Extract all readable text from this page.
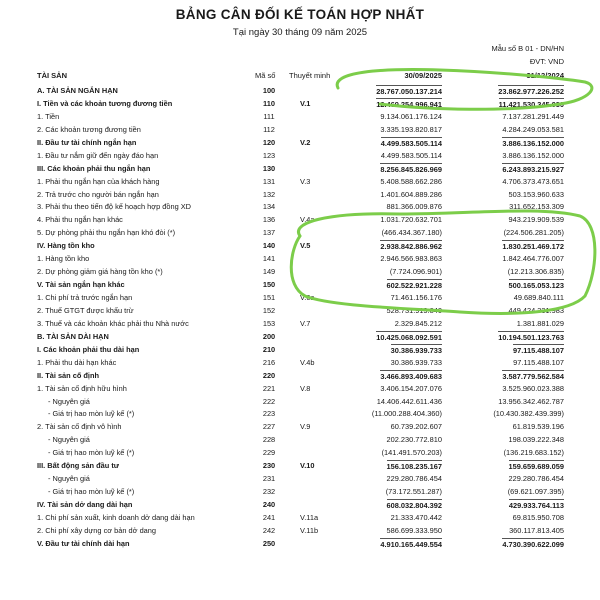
BẢNG CÂN ĐỐI KẾ TOÁN HỢP NHẤT
Tại ngày 30 tháng 09 năm 2025
Mẫu số B 01 - DN/HN
ĐVT: VND
TÀI SẢN	Mã số Thuyết minh	30/09/2025	31/12/2024
A. TÀI SẢN NGẮN HẠN	100	28.767.050.137.214	23.862.977.226.252
I. Tiền và các khoản tương đương tiền	110	V.1	12.469.254.996.941	11.421.530.345.030
1. Tiền	111	9.134.061.176.124	7.137.281.291.449
2. Các khoản tương đương tiền	112	3.335.193.820.817	4.284.249.053.581
II. Đầu tư tài chính ngắn hạn	120	V.2	4.499.583.505.114	3.886.136.152.000
1. Đầu tư nắm giữ đến ngày đáo hạn	123	4.499.583.505.114	3.886.136.152.000
III. Các khoản phải thu ngắn hạn	130	8.256.845.826.969	6.243.893.215.927
1. Phải thu ngắn hạn của khách hàng	131	V.3	5.408.588.662.286	4.706.373.473.651
2. Trả trước cho người bán ngắn hạn	132	1.401.604.889.286	503.153.960.633
3. Phải thu theo tiến độ kế hoạch hợp đồng XD	134	881.366.009.876	311.652.153.309
4. Phải thu ngắn hạn khác	136	V.4a	1.031.720.632.701	943.219.909.539
5. Dự phòng phải thu ngắn hạn khó đòi (*)	137	(466.434.367.180)	(224.506.281.205)
IV. Hàng tồn kho	140	V.5	2.938.842.886.962	1.830.251.469.172
1. Hàng tồn kho	141	2.946.566.983.863	1.842.464.776.007
2. Dự phòng giảm giá hàng tồn kho (*)	149	(7.724.096.901)	(12.213.306.835)
V. Tài sản ngắn hạn khác	150	602.522.921.228	500.165.053.123
1. Chi phí trả trước ngắn hạn	151	V.6a	71.461.156.176	49.689.840.111
2. Thuế GTGT được khấu trừ	152	528.731.919.840	449.424.331.983
3. Thuế và các khoản khác phải thu Nhà nước	153	V.7	2.329.845.212	1.381.881.029
B. TÀI SẢN DÀI HẠN	200	10.425.068.092.591	10.194.501.123.763
I. Các khoản phải thu dài hạn	210	30.386.939.733	97.115.488.107
1. Phải thu dài hạn khác	216	V.4b	30.386.939.733	97.115.488.107
II. Tài sản cố định	220	3.466.893.409.683	3.587.779.562.584
1. Tài sản cố định hữu hình	221	V.8	3.406.154.207.076	3.525.960.023.388
- Nguyên giá	222	14.406.442.611.436	13.956.342.462.787
- Giá trị hao mòn luỹ kế (*)	223	(11.000.288.404.360)	(10.430.382.439.399)
2. Tài sản cố định vô hình	227	V.9	60.739.202.607	61.819.539.196
- Nguyên giá	228	202.230.772.810	198.039.222.348
- Giá trị hao mòn luỹ kế (*)	229	(141.491.570.203)	(136.219.683.152)
III. Bất động sản đầu tư	230	V.10	156.108.235.167	159.659.689.059
- Nguyên giá	231	229.280.786.454	229.280.786.454
- Giá trị hao mòn luỹ kế (*)	232	(73.172.551.287)	(69.621.097.395)
IV. Tài sản dở dang dài hạn	240	608.032.804.392	429.933.764.113
1. Chi phí sản xuất, kinh doanh dở dang dài hạn	241	V.11a	21.333.470.442	69.815.950.708
2. Chi phí xây dựng cơ bản dở dang	242	V.11b	586.699.333.950	360.117.813.405
V. Đầu tư tài chính dài hạn	250	4.910.165.449.554	4.730.390.622.099
